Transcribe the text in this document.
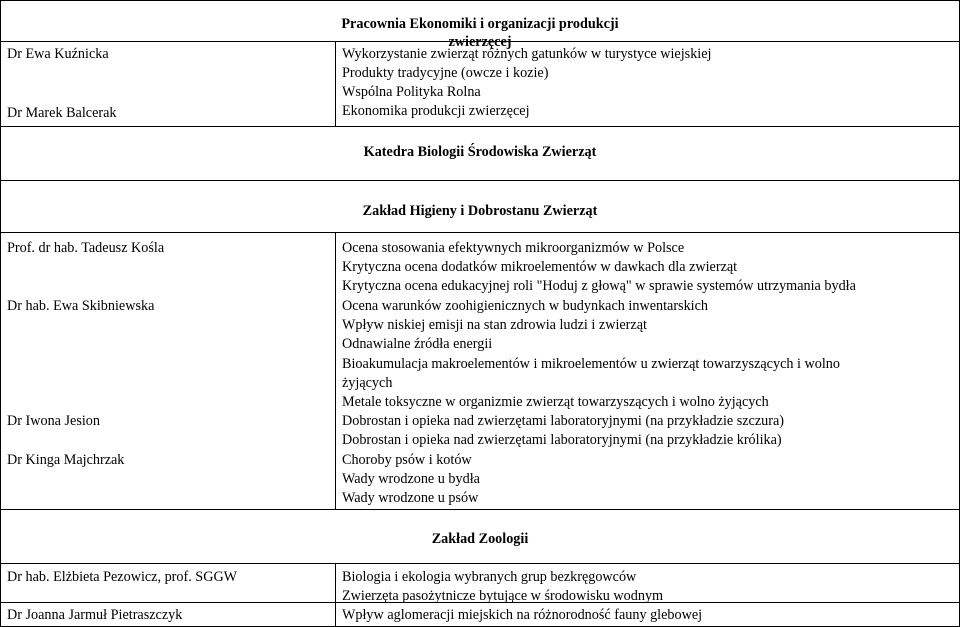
Pracownia Ekonomiki i organizacji produkcji zwierzęcej
Dr Ewa Kuźnicka
Dr Marek Balcerak
Wykorzystanie zwierząt różnych gatunków w turystyce wiejskiej
Produkty tradycyjne (owcze i kozie)
Wspólna Polityka Rolna
Ekonomika produkcji zwierzęcej
Katedra Biologii Środowiska Zwierząt
Zakład Higieny i Dobrostanu Zwierząt
Prof. dr hab. Tadeusz Kośla
Dr hab. Ewa Skibniewska
Dr Iwona Jesion
Dr Kinga Majchrzak
Ocena stosowania efektywnych mikroorganizmów w Polsce
Krytyczna ocena dodatków mikroelementów w dawkach dla zwierząt
Krytyczna ocena edukacyjnej roli "Hoduj z głową" w sprawie systemów utrzymania bydła
Ocena warunków zoohigienicznych w budynkach inwentarskich
Wpływ niskiej emisji na stan zdrowia ludzi i zwierząt
Odnawialne źródła energii
Bioakumulacja makroelementów i mikroelementów u zwierząt towarzyszących i wolno
żyjących
Metale toksyczne w organizmie zwierząt towarzyszących i wolno żyjących
Dobrostan i opieka nad zwierzętami laboratoryjnymi (na przykładzie szczura)
Dobrostan i opieka nad zwierzętami laboratoryjnymi (na przykładzie królika)
Choroby psów i kotów
Wady wrodzone u bydła
Wady wrodzone u psów
Zakład Zoologii
Dr hab. Elżbieta Pezowicz, prof. SGGW
Dr Joanna Jarmuł Pietraszczyk
Biologia i ekologia wybranych grup bezkręgowców
Zwierzęta pasożytnicze bytujące w środowisku wodnym
Wpływ aglomeracji miejskich na różnorodność fauny glebowej
